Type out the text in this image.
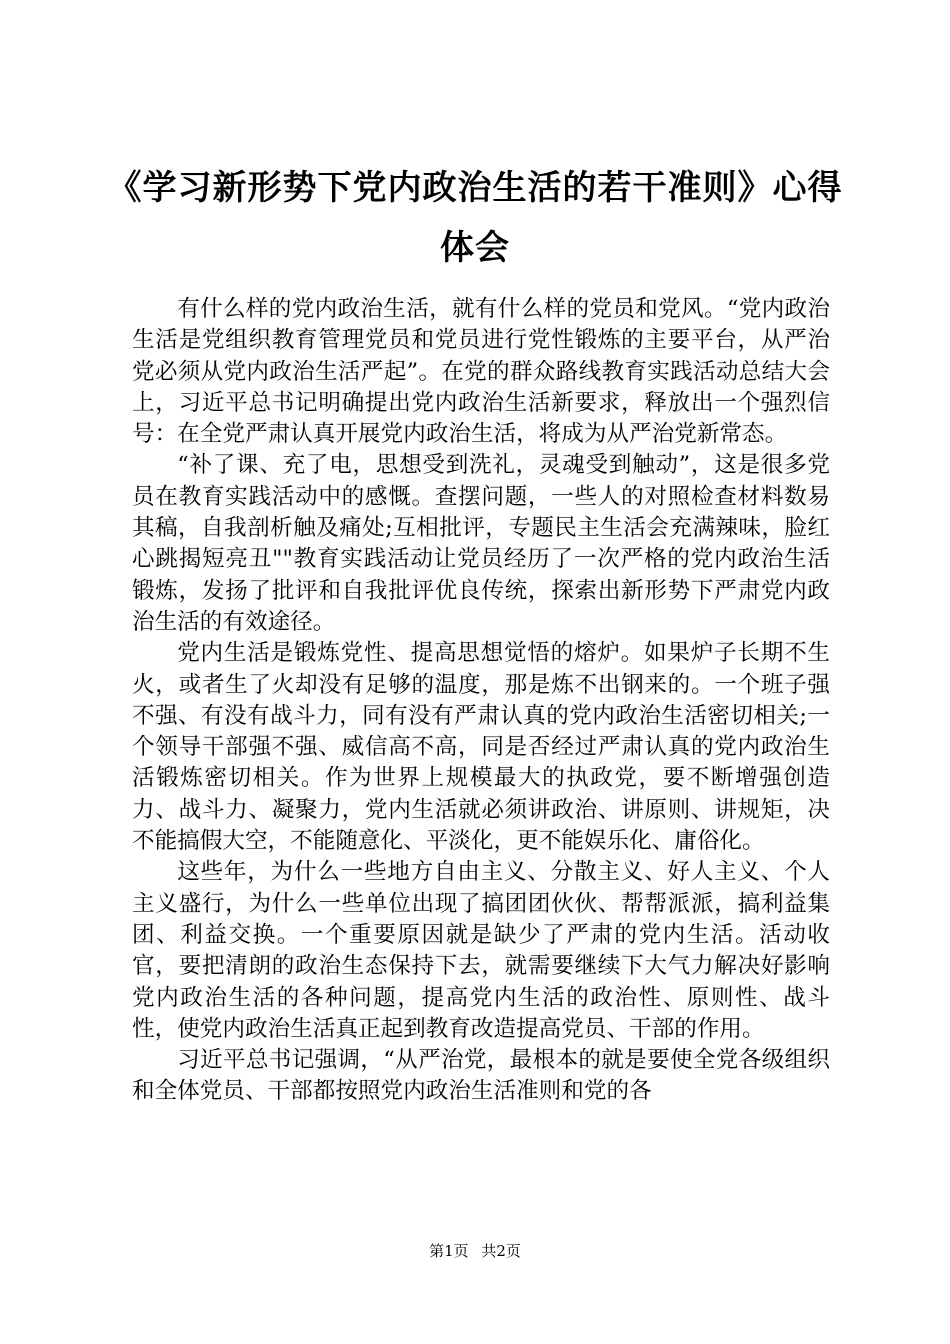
《学习新形势下党内政治生活的若干准则》心得体会

有什么样的党内政治生活，就有什么样的党员和党风。“党内政治生活是党组织教育管理党员和党员进行党性锻炼的主要平台，从严治党必须从党内政治生活严起”。在党的群众路线教育实践活动总结大会上，习近平总书记明确提出党内政治生活新要求，释放出一个强烈信号：在全党严肃认真开展党内政治生活，将成为从严治党新常态。

“补了课、充了电，思想受到洗礼，灵魂受到触动”，这是很多党员在教育实践活动中的感慨。查摆问题，一些人的对照检查材料数易其稿，自我剖析触及痛处;互相批评，专题民主生活会充满辣味，脸红心跳揭短亮丑""教育实践活动让党员经历了一次严格的党内政治生活锻炼，发扬了批评和自我批评优良传统，探索出新形势下严肃党内政治生活的有效途径。

党内生活是锻炼党性、提高思想觉悟的熔炉。如果炉子长期不生火，或者生了火却没有足够的温度，那是炼不出钢来的。一个班子强不强、有没有战斗力，同有没有严肃认真的党内政治生活密切相关;一个领导干部强不强、威信高不高，同是否经过严肃认真的党内政治生活锻炼密切相关。作为世界上规模最大的执政党，要不断增强创造力、战斗力、凝聚力，党内生活就必须讲政治、讲原则、讲规矩，决不能搞假大空，不能随意化、平淡化，更不能娱乐化、庸俗化。

这些年，为什么一些地方自由主义、分散主义、好人主义、个人主义盛行，为什么一些单位出现了搞团团伙伙、帮帮派派，搞利益集团、利益交换。一个重要原因就是缺少了严肃的党内生活。活动收官，要把清朗的政治生态保持下去，就需要继续下大气力解决好影响党内政治生活的各种问题，提高党内生活的政治性、原则性、战斗性，使党内政治生活真正起到教育改造提高党员、干部的作用。

习近平总书记强调，“从严治党，最根本的就是要使全党各级组织和全体党员、干部都按照党内政治生活准则和党的各

第1页 共2页
